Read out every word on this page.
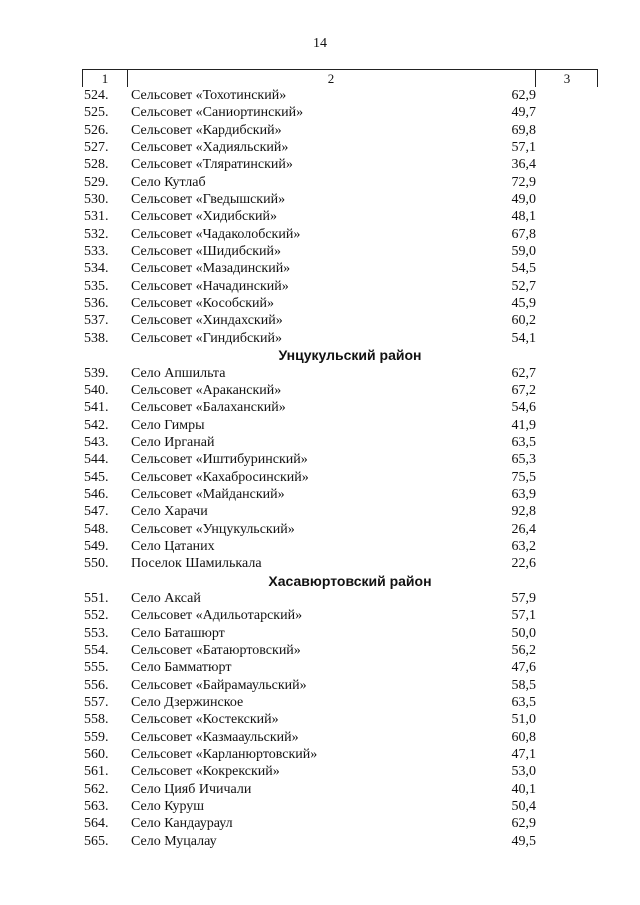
14
1	2	3
524.	Сельсовет «Тохотинский»	62,9
525.	Сельсовет «Саниортинский»	49,7
526.	Сельсовет «Кардибский»	69,8
527.	Сельсовет «Хадияльский»	57,1
528.	Сельсовет «Тляратинский»	36,4
529.	Село Кутлаб	72,9
530.	Сельсовет «Гведышский»	49,0
531.	Сельсовет «Хидибский»	48,1
532.	Сельсовет «Чадаколобский»	67,8
533.	Сельсовет «Шидибский»	59,0
534.	Сельсовет «Мазадинский»	54,5
535.	Сельсовет «Начадинский»	52,7
536.	Сельсовет «Кособский»	45,9
537.	Сельсовет «Хиндахский»	60,2
538.	Сельсовет «Гиндибский»	54,1
Унцукульский район
539.	Село Апшильта	62,7
540.	Сельсовет «Араканский»	67,2
541.	Сельсовет «Балаханский»	54,6
542.	Село Гимры	41,9
543.	Село Ирганай	63,5
544.	Сельсовет «Иштибуринский»	65,3
545.	Сельсовет «Кахабросинский»	75,5
546.	Сельсовет «Майданский»	63,9
547.	Село Харачи	92,8
548.	Сельсовет «Унцукульский»	26,4
549.	Село Цатаних	63,2
550.	Поселок Шамилькала	22,6
Хасавюртовский район
551.	Село Аксай	57,9
552.	Сельсовет «Адильотарский»	57,1
553.	Село Баташюрт	50,0
554.	Сельсовет «Батаюртовский»	56,2
555.	Село Бамматюрт	47,6
556.	Сельсовет «Байрамаульский»	58,5
557.	Село Дзержинское	63,5
558.	Сельсовет «Костекский»	51,0
559.	Сельсовет «Казмааульский»	60,8
560.	Сельсовет «Карланюртовский»	47,1
561.	Сельсовет «Кокрекский»	53,0
562.	Село Цияб Ичичали	40,1
563.	Село Куруш	50,4
564.	Село Кандаураул	62,9
565.	Село Муцалау	49,5
